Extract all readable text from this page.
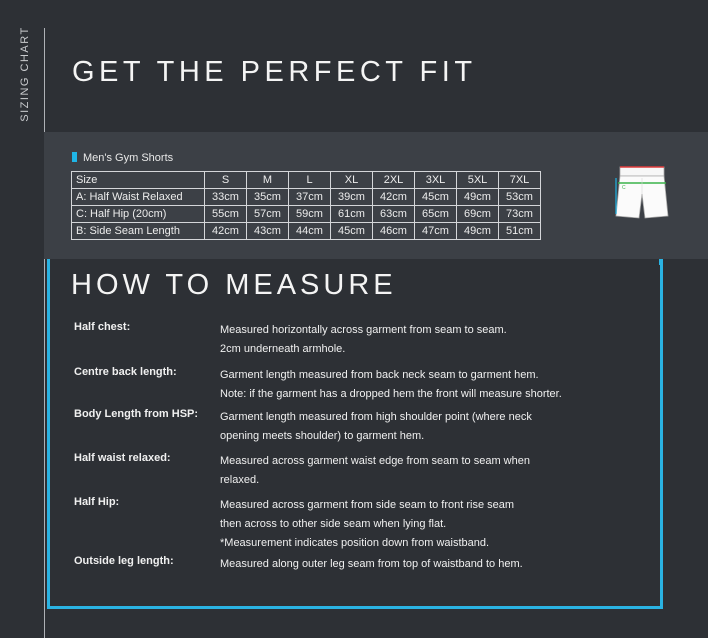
SIZING CHART GET THE PERFECT FIT
Men's Gym Shorts
Size	S	M	L	XL	2XL	3XL	5XL	7XL
A: Half Waist Relaxed	33cm	35cm	37cm	39cm	42cm	45cm	49cm	53cm
C: Half Hip (20cm)	55cm	57cm	59cm	61cm	63cm	65cm	69cm	73cm
B: Side Seam Length	42cm	43cm	44cm	45cm	46cm	47cm	49cm	51cm
C
HOW TO MEASURE
Half chest:	Measured horizontally across garment from seam to seam.
2cm underneath armhole.
Centre back length:	Garment length measured from back neck seam to garment hem.
Note: if the garment has a dropped hem the front will measure shorter.
Body Length from HSP:	Garment length measured from high shoulder point (where neck
opening meets shoulder) to garment hem.
Half waist relaxed:	Measured across garment waist edge from seam to seam when
relaxed.
Half Hip:	Measured across garment from side seam to front rise seam
then across to other side seam when lying flat.
*Measurement indicates position down from waistband.
Outside leg length:	Measured along outer leg seam from top of waistband to hem.
